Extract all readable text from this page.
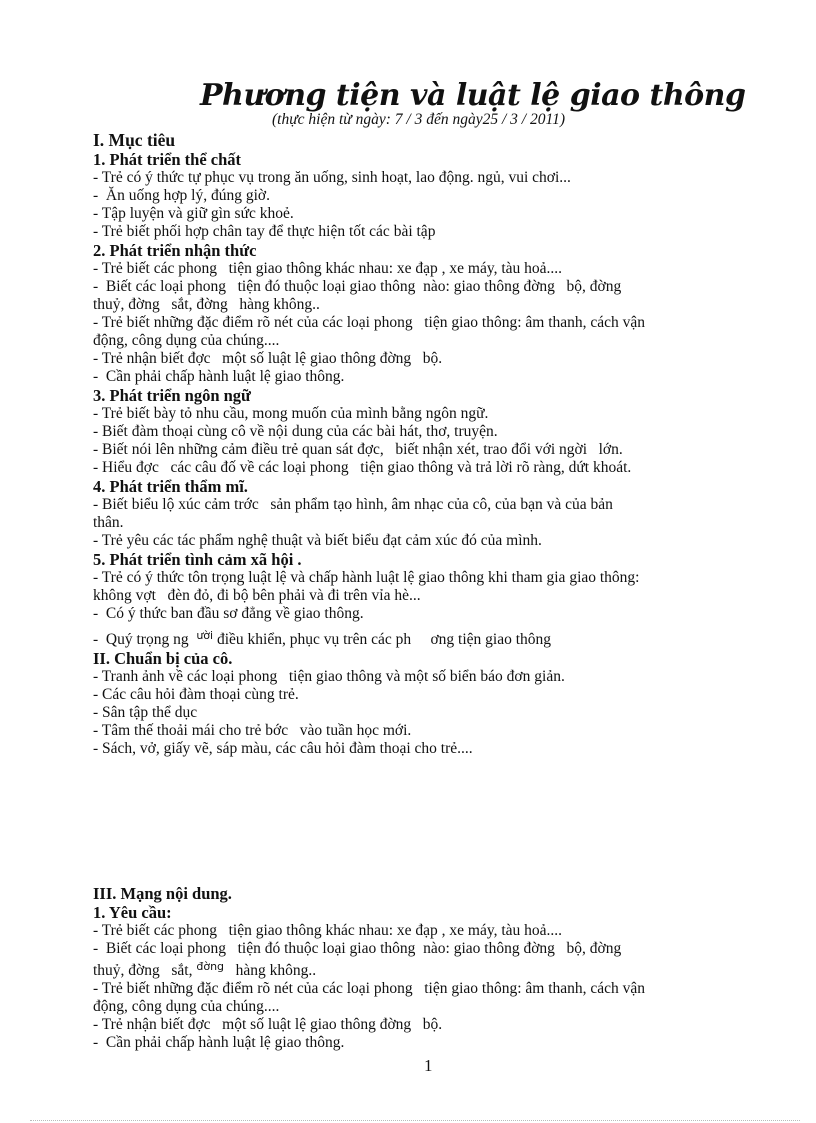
Phương tiện và luật lệ giao thông
(thực hiện từ ngày: 7 / 3 đến ngày25 / 3 / 2011)
I. Mục tiêu
1. Phát triển thể chất

- Trẻ có ý thức tự phục vụ trong ăn uống, sinh hoạt, lao động. ngủ, vui chơi...

-  Ăn uống hợp lý, đúng giờ.

- Tập luyện và giữ gìn sức khoẻ.

- Trẻ biết phối hợp chân tay để thực hiện tốt các bài tập

2. Phát triển nhận thức

- Trẻ biết các phong   tiện giao thông khác nhau: xe đạp , xe máy, tàu hoả....

-  Biết các loại phong   tiện đó thuộc loại giao thông  nào: giao thông đờng   bộ, đờng

thuỷ, đờng   sắt, đờng   hàng không..

- Trẻ biết những đặc điểm rõ nét của các loại phong   tiện giao thông: âm thanh, cách vận

động, công dụng của chúng....

- Trẻ nhận biết đợc   một số luật lệ giao thông đờng   bộ.

-  Cần phải chấp hành luật lệ giao thông.

3. Phát triển ngôn ngữ

- Trẻ biết bày tỏ nhu cầu, mong muốn của mình bằng ngôn ngữ.

- Biết đàm thoại cùng cô về nội dung của các bài hát, thơ, truyện.

- Biết nói lên những cảm điều trẻ quan sát đợc,   biết nhận xét, trao đổi với ngời   lớn.

- Hiểu đợc   các câu đố về các loại phong   tiện giao thông và trả lời rõ ràng, dứt khoát.

4. Phát triển thẩm mĩ.

- Biết biểu lộ xúc cảm trớc   sản phẩm tạo hình, âm nhạc của cô, của bạn và của bản

thân.

- Trẻ yêu các tác phẩm nghệ thuật và biết biểu đạt cảm xúc đó của mình.

5. Phát triển tình cảm xã hội .

- Trẻ có ý thức tôn trọng luật lệ và chấp hành luật lệ giao thông khi tham gia giao thông:

không vợt   đèn đỏ, đi bộ bên phải và đi trên vỉa hè...

-  Có ý thức ban đầu sơ đẳng về giao thông.

-  Quý trọng ng  $^{ười}$ điều khiển, phục vụ trên các ph     ơng tiện giao thông

II. Chuẩn bị của cô.

- Tranh ảnh về các loại phong   tiện giao thông và một số biển báo đơn giản.

- Các câu hỏi đàm thoại cùng trẻ.

- Sân tập thể dục

- Tâm thế thoải mái cho trẻ bớc   vào tuần học mới.

- Sách, vở, giấy vẽ, sáp màu, các câu hỏi đàm thoại cho trẻ....

III. Mạng nội dung.
1. Yêu cầu:

- Trẻ biết các phong   tiện giao thông khác nhau: xe đạp , xe máy, tàu hoả....

-  Biết các loại phong   tiện đó thuộc loại giao thông  nào: giao thông đờng   bộ, đờng

thuỷ, đờng   sắt, $^{đờng}$   hàng không..

- Trẻ biết những đặc điểm rõ nét của các loại phong   tiện giao thông: âm thanh, cách vận

động, công dụng của chúng....

- Trẻ nhận biết đợc   một số luật lệ giao thông đờng   bộ.

-  Cần phải chấp hành luật lệ giao thông.

1
